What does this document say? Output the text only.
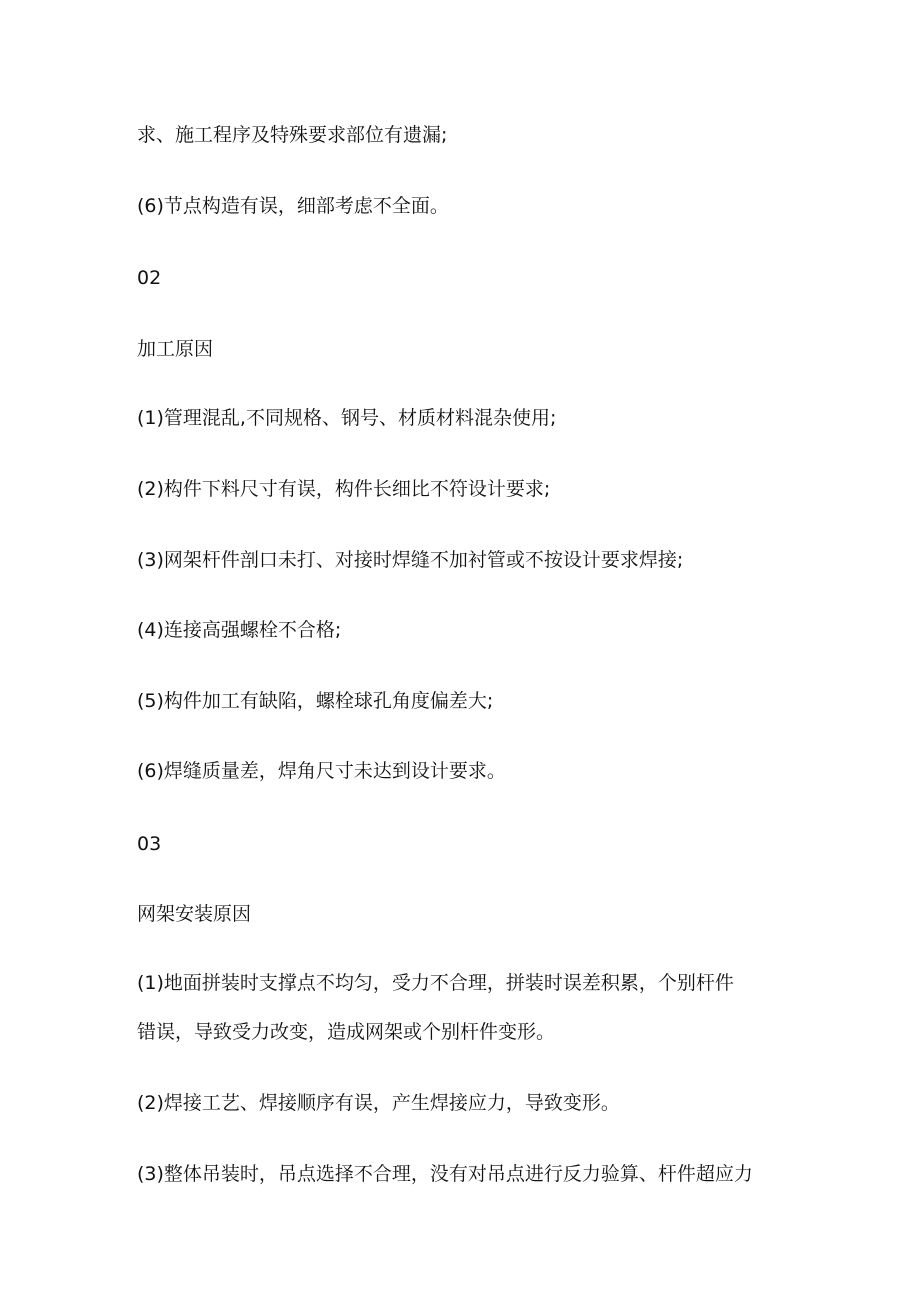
求、施工程序及特殊要求部位有遗漏;
(6)节点构造有误，细部考虑不全面。
02
加工原因
(1)管理混乱,不同规格、钢号、材质材料混杂使用;
(2)构件下料尺寸有误，构件长细比不符设计要求;
(3)网架杆件剖口未打、对接时焊缝不加衬管或不按设计要求焊接;
(4)连接高强螺栓不合格;
(5)构件加工有缺陷，螺栓球孔角度偏差大;
(6)焊缝质量差，焊角尺寸未达到设计要求。
03
网架安装原因
(1)地面拼装时支撑点不均匀，受力不合理，拼装时误差积累，个别杆件
错误，导致受力改变，造成网架或个别杆件变形。
(2)焊接工艺、焊接顺序有误，产生焊接应力，导致变形。
(3)整体吊装时，吊点选择不合理，没有对吊点进行反力验算、杆件超应力
